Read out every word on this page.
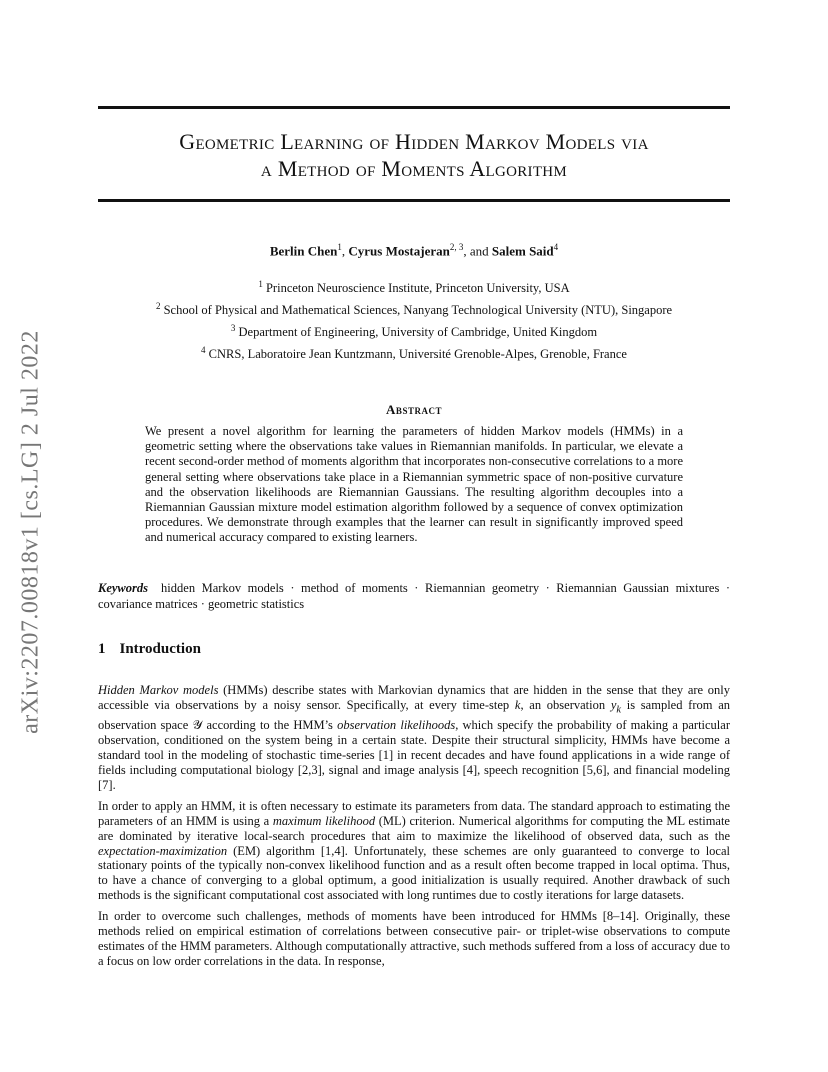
Geometric Learning of Hidden Markov Models via
a Method of Moments Algorithm
arXiv:2207.00818v1 [cs.LG] 2 Jul 2022
Berlin Chen$^1$, Cyrus Mostajeran$^{2, 3}$, and Salem Said$^4$
$^1$ Princeton Neuroscience Institute, Princeton University, USA
$^2$ School of Physical and Mathematical Sciences, Nanyang Technological University (NTU), Singapore
$^3$ Department of Engineering, University of Cambridge, United Kingdom
$^4$ CNRS, Laboratoire Jean Kuntzmann, Université Grenoble-Alpes, Grenoble, France
Abstract
We present a novel algorithm for learning the parameters of hidden Markov models (HMMs) in a geometric setting where the observations take values in Riemannian manifolds. In particular, we elevate a recent second-order method of moments algorithm that incorporates non-consecutive correlations to a more general setting where observations take place in a Riemannian symmetric space of non-positive curvature and the observation likelihoods are Riemannian Gaussians. The resulting algorithm decouples into a Riemannian Gaussian mixture model estimation algorithm followed by a sequence of convex optimization procedures. We demonstrate through examples that the learner can result in significantly improved speed and numerical accuracy compared to existing learners.
Keywords hidden Markov models · method of moments · Riemannian geometry · Riemannian Gaussian mixtures · covariance matrices · geometric statistics
1 Introduction

Hidden Markov models (HMMs) describe states with Markovian dynamics that are hidden in the sense that they are only accessible via observations by a noisy sensor. Specifically, at every time-step k, an observation $y_k$ is sampled from an observation space 𝒴 according to the HMM’s observation likelihoods, which specify the probability of making a particular observation, conditioned on the system being in a certain state. Despite their structural simplicity, HMMs have become a standard tool in the modeling of stochastic time-series [1] in recent decades and have found applications in a wide range of fields including computational biology [2,3], signal and image analysis [4], speech recognition [5,6], and financial modeling [7].

In order to apply an HMM, it is often necessary to estimate its parameters from data. The standard approach to estimating the parameters of an HMM is using a maximum likelihood (ML) criterion. Numerical algorithms for computing the ML estimate are dominated by iterative local-search procedures that aim to maximize the likelihood of observed data, such as the expectation-maximization (EM) algorithm [1,4]. Unfortunately, these schemes are only guaranteed to converge to local stationary points of the typically non-convex likelihood function and as a result often become trapped in local optima. Thus, to have a chance of converging to a global optimum, a good initialization is usually required. Another drawback of such methods is the significant computational cost associated with long runtimes due to costly iterations for large datasets.

In order to overcome such challenges, methods of moments have been introduced for HMMs [8–14]. Originally, these methods relied on empirical estimation of correlations between consecutive pair- or triplet-wise observations to compute estimates of the HMM parameters. Although computationally attractive, such methods suffered from a loss of accuracy due to a focus on low order correlations in the data. In response,
